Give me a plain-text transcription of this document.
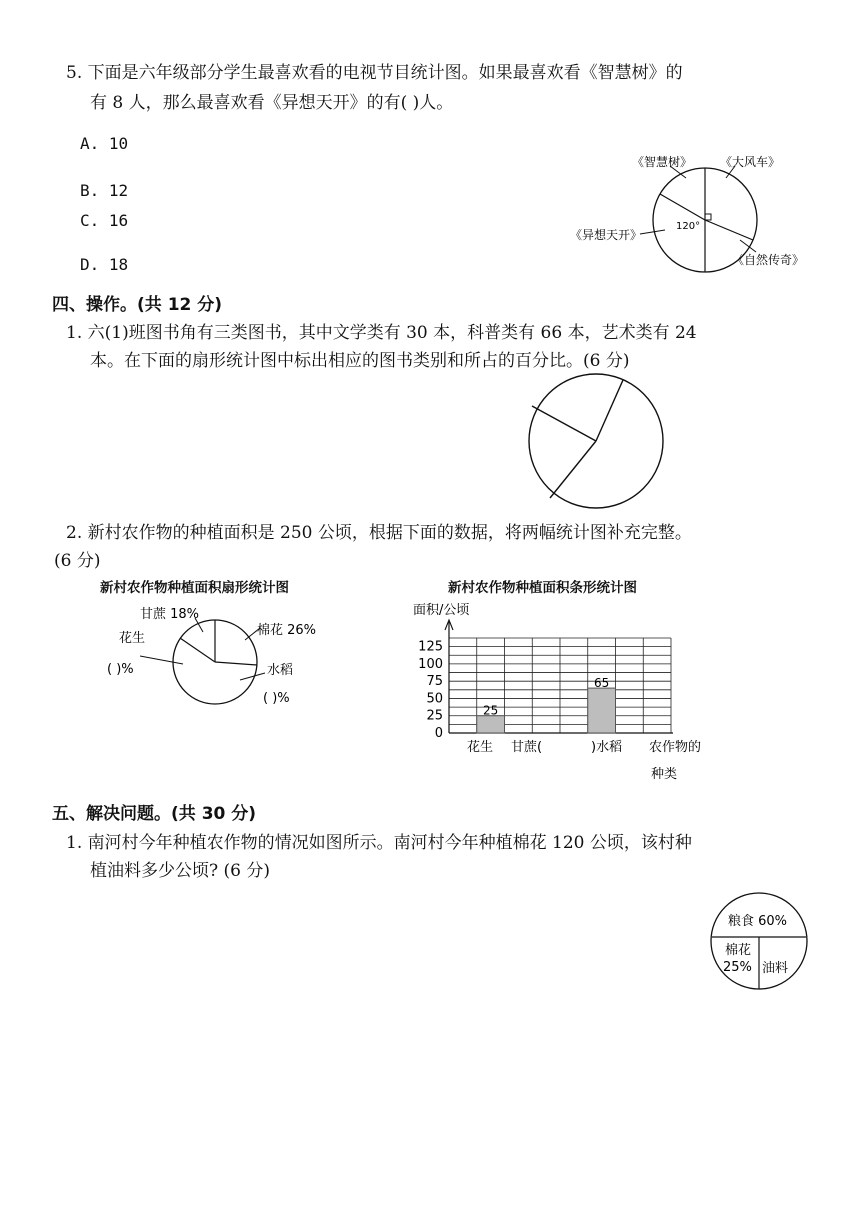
5. 下面是六年级部分学生最喜欢看的电视节目统计图。如果最喜欢看《智慧树》的
有 8 人，那么最喜欢看《异想天开》的有( )人。
A. 10
B. 12
C. 16
D. 18
《智慧树》 《大风车》
《异想天开》
《自然传奇》
120°
四、操作。(共 12 分)
1. 六(1)班图书角有三类图书，其中文学类有 30 本，科普类有 66 本，艺术类有 24
本。在下面的扇形统计图中标出相应的图书类别和所占的百分比。(6 分)
2. 新村农作物的种植面积是 250 公顷，根据下面的数据，将两幅统计图补充完整。
(6 分)
新村农作物种植面积扇形统计图
甘蔗 18%
棉花 26%
花生
( )%	水稻
( )%
新村农作物种植面积条形统计图
面积/公顷
25
65
0
25
50
75
100
125
花生 甘蔗(	)水稻 农作物的
种类
五、解决问题。(共 30 分)
1. 南河村今年种植农作物的情况如图所示。南河村今年种植棉花 120 公顷，该村种
植油料多少公顷? (6 分)
粮食 60%
棉花
25% 油料
